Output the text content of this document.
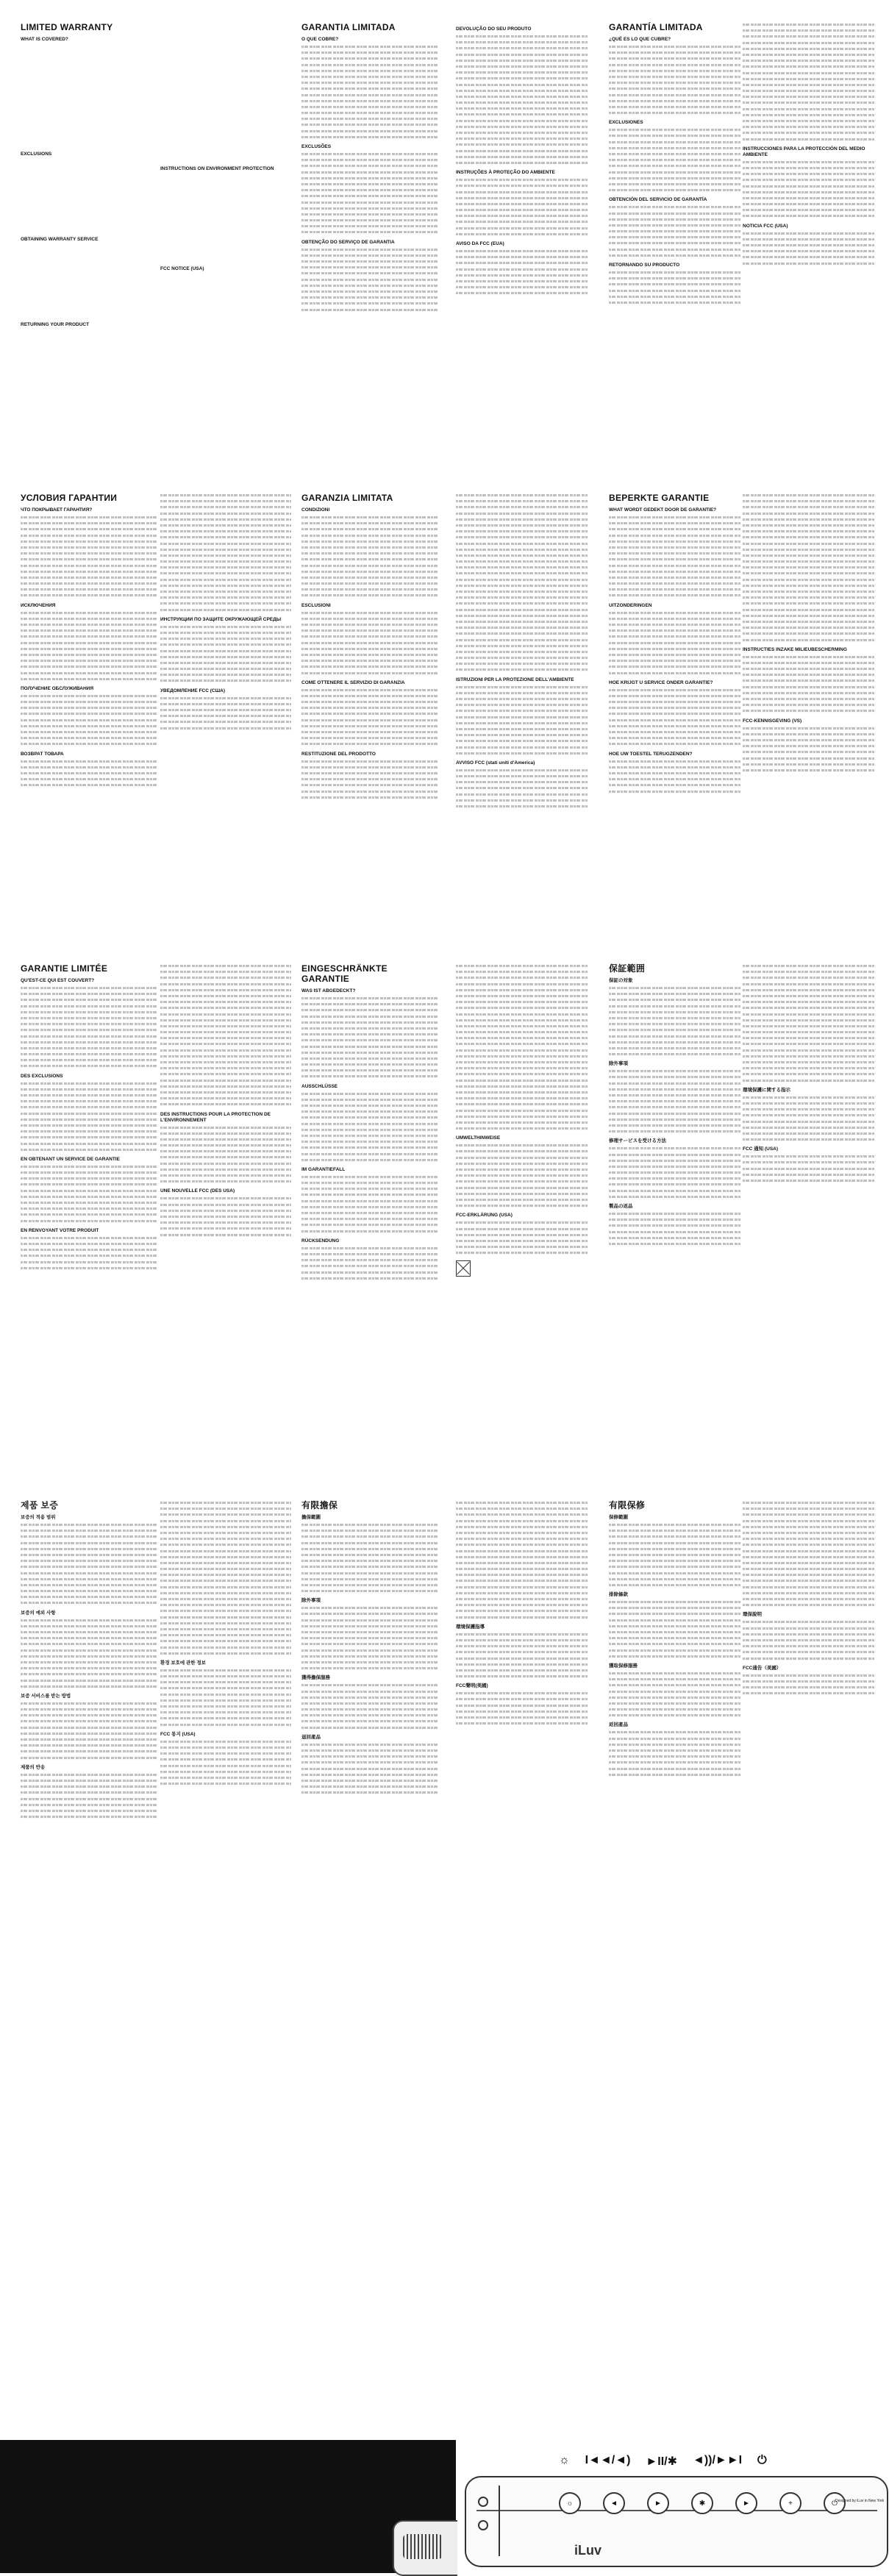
LIMITED WARRANTY
WHAT IS COVERED?
EXCLUSIONS
OBTAINING WARRANTY SERVICE
RETURNING YOUR PRODUCT
INSTRUCTIONS ON ENVIRONMENT PROTECTION
FCC NOTICE (USA)
GARANTIA LIMITADA
O QUE COBRE?
EXCLUSÕES
OBTENÇÃO DO SERVIÇO DE GARANTIA
DEVOLUÇÃO DO SEU PRODUTO
INSTRUÇÕES À PROTEÇÃO DO AMBIENTE
AVISO DA FCC (EUA)
GARANTÍA LIMITADA
¿QUÉ ES LO QUE CUBRE?
EXCLUSIONES
OBTENCIÓN DEL SERVICIO DE GARANTÍA
RETORNANDO SU PRODUCTO
INSTRUCCIONES PARA LA PROTECCIÓN DEL MEDIO AMBIENTE
NOTICIA FCC (USA)
УСЛОВИЯ ГАРАНТИИ
ЧТО ПОКРЫВАЕТ ГАРАНТИЯ?
ИСКЛЮЧЕНИЯ
ПОЛУЧЕНИЕ ОБСЛУЖИВАНИЯ
ВОЗВРАТ ТОВАРА
ИНСТРУКЦИИ ПО ЗАЩИТЕ ОКРУЖАЮЩЕЙ СРЕДЫ
УВЕДОМЛЕНИЕ FCC (США)
GARANZIA LIMITATA
CONDIZIONI
ESCLUSIONI
COME OTTENERE IL SERVIZIO DI GARANZIA
RESTITUZIONE DEL PRODOTTO
ISTRUZIONI PER LA PROTEZIONE DELL'AMBIENTE
AVVISO FCC (stati uniti d'America)
BEPERKTE GARANTIE
WHAT WORDT GEDEKT DOOR DE GARANTIE?
UITZONDERINGEN
HOE KRIJGT U SERVICE ONDER GARANTIE?
HOE UW TOESTEL TERUGZENDEN?
INSTRUCTIES INZAKE MILIEUBESCHERMING
FCC-KENNISGEVING (VS)
GARANTIE LIMITÉE
QU'EST-CE QUI EST COUVERT?
DES EXCLUSIONS
EN OBTENANT UN SERVICE DE GARANTIE
EN RENVOYANT VOTRE PRODUIT
DES INSTRUCTIONS POUR LA PROTECTION DE L'ENVIRONNEMENT
UNE NOUVELLE FCC (DES USA)
EINGESCHRÄNKTE GARANTIE
WAS IST ABGEDECKT?
AUSSCHLÜSSE
IM GARANTIEFALL
RÜCKSENDUNG
UMWELTHINWEISE
FCC-ERKLÄRUNG (USA)
保証範囲
保証の対象
除外事項
修理サービスを受ける方法
製品の返品
環境保護に関する指示
FCC 通知 (USA)
제품 보증
보증의 적용 범위
보증의 예외 사항
보증 서비스를 받는 방법
제품의 반송
환경 보호에 관한 정보
FCC 통지 (USA)
有限擔保
擔保範圍
除外事項
獲得擔保服務
退回產品
環境保護指導
FCC聲明(美國)
有限保修
保修範圍
排除條款
獲取保修服務
返回產品
環保說明
FCC通告（美國）
☼ I◄◄/◄) ►II/✱ ◄))/►►I ⏻
☼	◄	►	✱	►	+	⏻
iLuv
Designed by iLuv in New York
